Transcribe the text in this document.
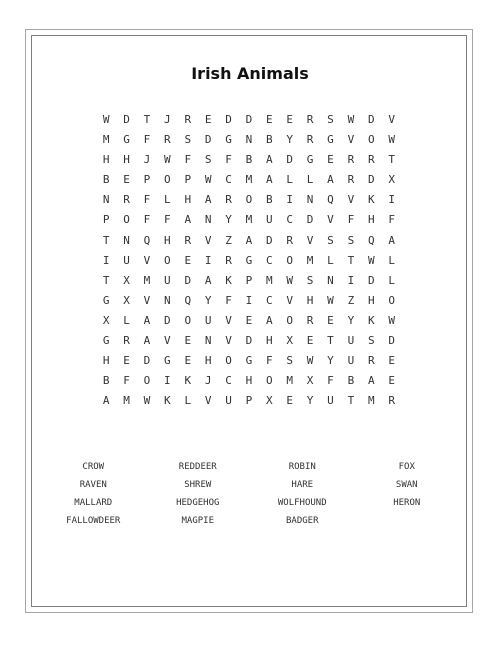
Irish Animals
W	D	T	J	R	E	D	D	E	E	R	S	W	D	V
M	G	F	R	S	D	G	N	B	Y	R	G	V	O	W
H	H	J	W	F	S	F	B	A	D	G	E	R	R	T
B	E	P	O	P	W	C	M	A	L	L	A	R	D	X
N	R	F	L	H	A	R	O	B	I	N	Q	V	K	I
P	O	F	F	A	N	Y	M	U	C	D	V	F	H	F
T	N	Q	H	R	V	Z	A	D	R	V	S	S	Q	A
I	U	V	O	E	I	R	G	C	O	M	L	T	W	L
T	X	M	U	D	A	K	P	M	W	S	N	I	D	L
G	X	V	N	Q	Y	F	I	C	V	H	W	Z	H	O
X	L	A	D	O	U	V	E	A	O	R	E	Y	K	W
G	R	A	V	E	N	V	D	H	X	E	T	U	S	D
H	E	D	G	E	H	O	G	F	S	W	Y	U	R	E
B	F	O	I	K	J	C	H	O	M	X	F	B	A	E
A	M	W	K	L	V	U	P	X	E	Y	U	T	M	R
CROW	REDDEER	ROBIN	FOX
RAVEN	SHREW	HARE	SWAN
MALLARD	HEDGEHOG	WOLFHOUND	HERON
FALLOWDEER	MAGPIE	BADGER
